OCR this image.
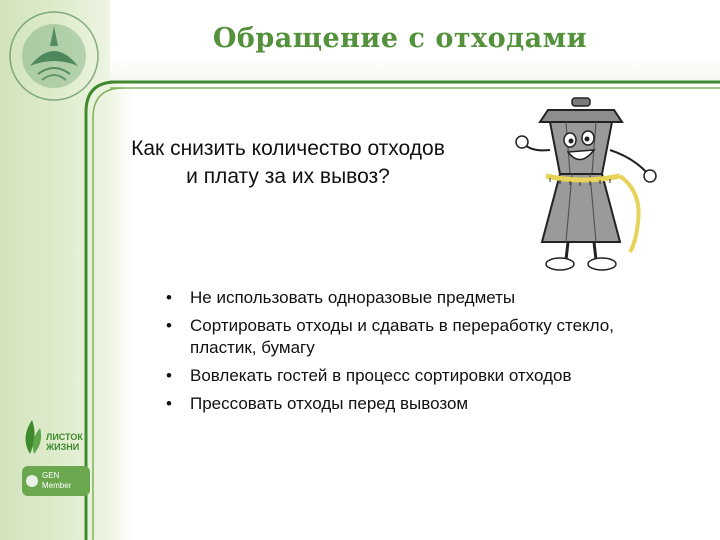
Обращение с отходами
Как снизить количество отходов и плату за их вывоз?
• Не использовать одноразовые предметы
• Сортировать отходы и сдавать в переработку стекло, пластик, бумагу
• Вовлекать гостей в процесс сортировки отходов
• Прессовать отходы перед вывозом
ЛИСТОК
ЖИЗНИ
GEN
Member
